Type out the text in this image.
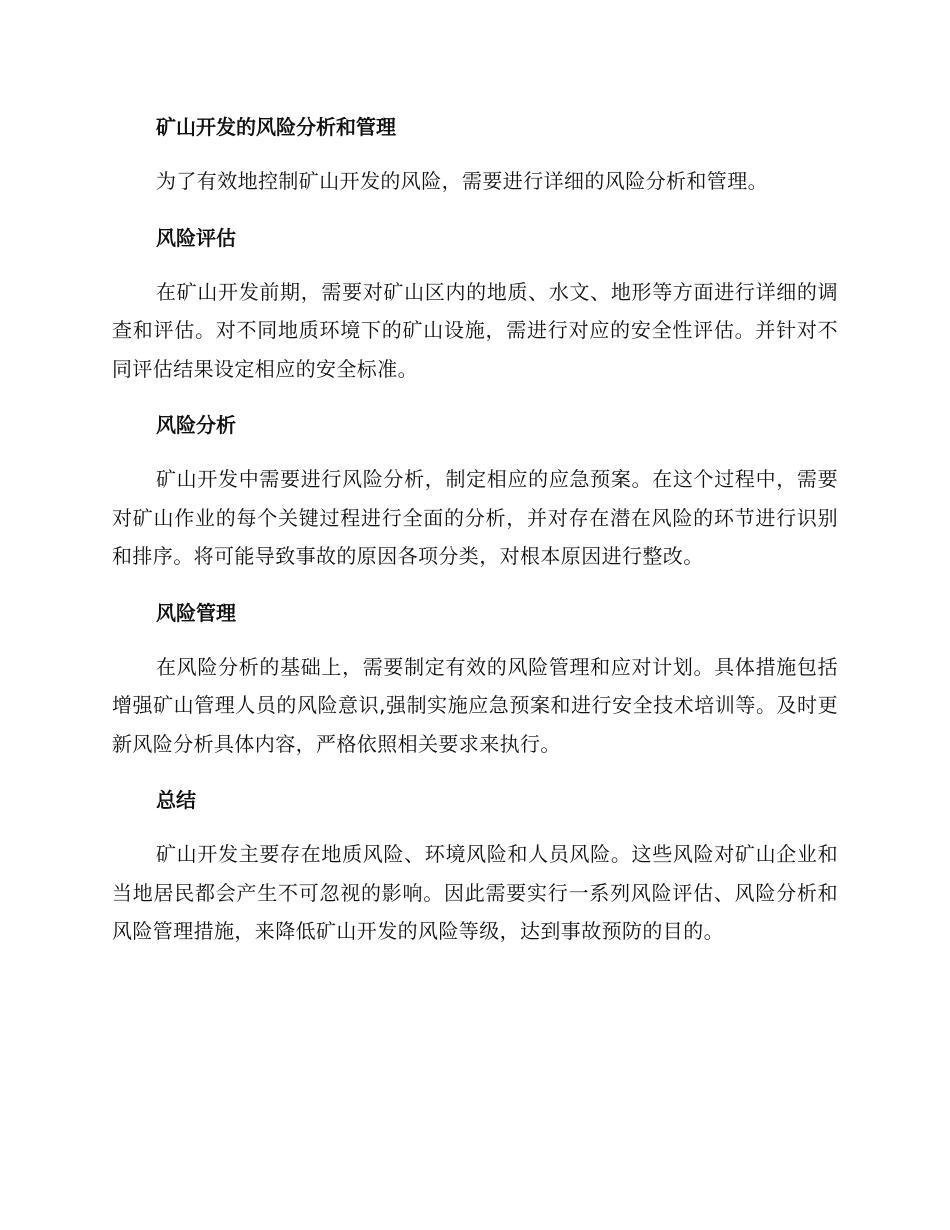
矿山开发的风险分析和管理

为了有效地控制矿山开发的风险，需要进行详细的风险分析和管理。

风险评估

在矿山开发前期，需要对矿山区内的地质、水文、地形等方面进行详细的调查和评估。对不同地质环境下的矿山设施，需进行对应的安全性评估。并针对不同评估结果设定相应的安全标准。

风险分析

矿山开发中需要进行风险分析，制定相应的应急预案。在这个过程中，需要对矿山作业的每个关键过程进行全面的分析，并对存在潜在风险的环节进行识别和排序。将可能导致事故的原因各项分类，对根本原因进行整改。

风险管理

在风险分析的基础上，需要制定有效的风险管理和应对计划。具体措施包括增强矿山管理人员的风险意识,强制实施应急预案和进行安全技术培训等。及时更新风险分析具体内容，严格依照相关要求来执行。

总结

矿山开发主要存在地质风险、环境风险和人员风险。这些风险对矿山企业和当地居民都会产生不可忽视的影响。因此需要实行一系列风险评估、风险分析和风险管理措施，来降低矿山开发的风险等级，达到事故预防的目的。
